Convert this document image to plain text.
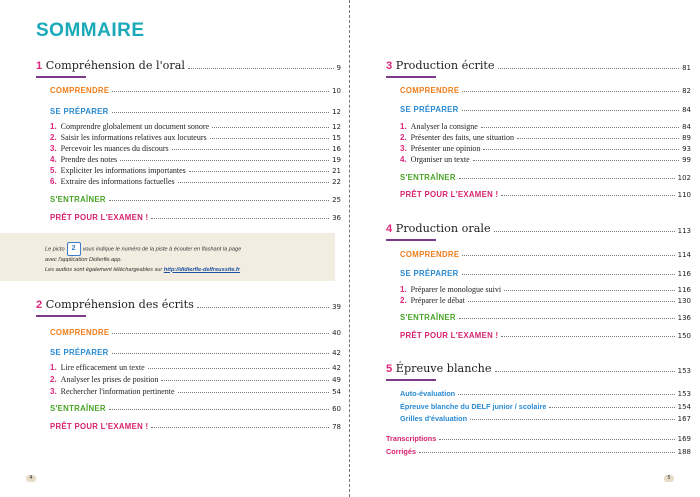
SOMMAIRE
1 Compréhension de l'oral	9
COMPRENDRE	10
SE PRÉPARER	12
1. Comprendre globalement un document sonore	12
2. Saisir les informations relatives aux locuteurs	15
3. Percevoir les nuances du discours	16
4. Prendre des notes	19
5. Expliciter les informations importantes	21
6. Extraire des informations factuelles	22
S'ENTRAÎNER	25
PRÊT POUR L'EXAMEN !	36
2 Compréhension des écrits	39
COMPRENDRE	40
SE PRÉPARER	42
1. Lire efficacement un texte	42
2. Analyser les prises de position	49
3. Rechercher l'information pertinente	54
S'ENTRAÎNER	60
PRÊT POUR L'EXAMEN !	78
Le picto 2 vous indique le numéro de la piste à écouter en flashant la page
avec l'application Didierfle.app.
Les audios sont également téléchargeables sur http://didierfle-delfreussite.fr
4
3 Production écrite	81
COMPRENDRE	82
SE PRÉPARER	84
1. Analyser la consigne	84
2. Présenter des faits, une situation	89
3. Présenter une opinion	93
4. Organiser un texte	99
S'ENTRAÎNER	102
PRÊT POUR L'EXAMEN !	110
4 Production orale	113
COMPRENDRE	114
SE PRÉPARER	116
1. Préparer le monologue suivi	116
2. Préparer le débat	130
S'ENTRAÎNER	136
PRÊT POUR L'EXAMEN !	150
5 Épreuve blanche	153
Auto-évaluation	153
Épreuve blanche du DELF junior / scolaire	154
Grilles d'évaluation	167
Transcriptions	169
Corrigés	188
5
